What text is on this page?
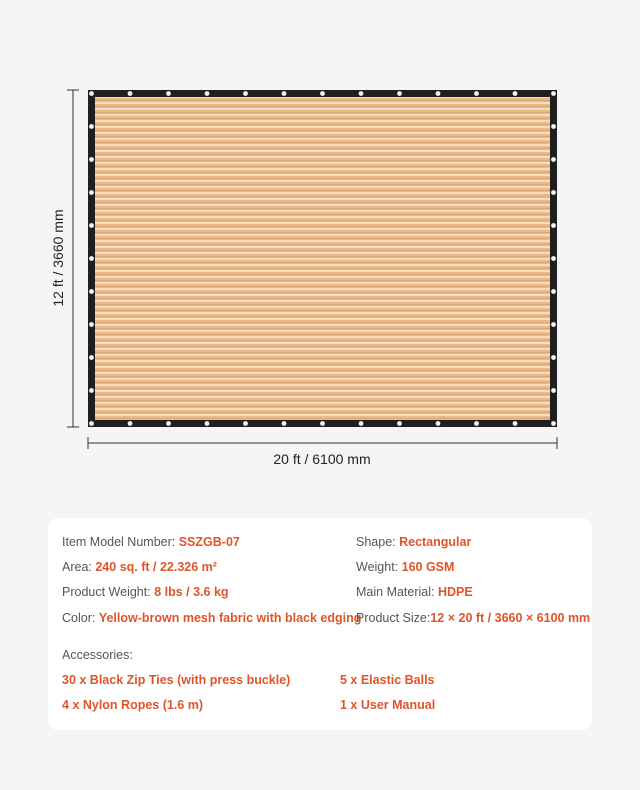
12 ft / 3660 mm
20 ft / 6100 mm
Item Model Number: SSZGB-07
Area: 240 sq. ft / 22.326 m²
Product Weight: 8 lbs / 3.6 kg
Color: Yellow-brown mesh fabric with black edging
Shape: Rectangular
Weight: 160 GSM
Main Material: HDPE
Product Size:12 × 20 ft / 3660 × 6100 mm
Accessories:
30 x Black Zip Ties (with press buckle)	5 x Elastic Balls
4 x Nylon Ropes (1.6 m)	1 x User Manual
